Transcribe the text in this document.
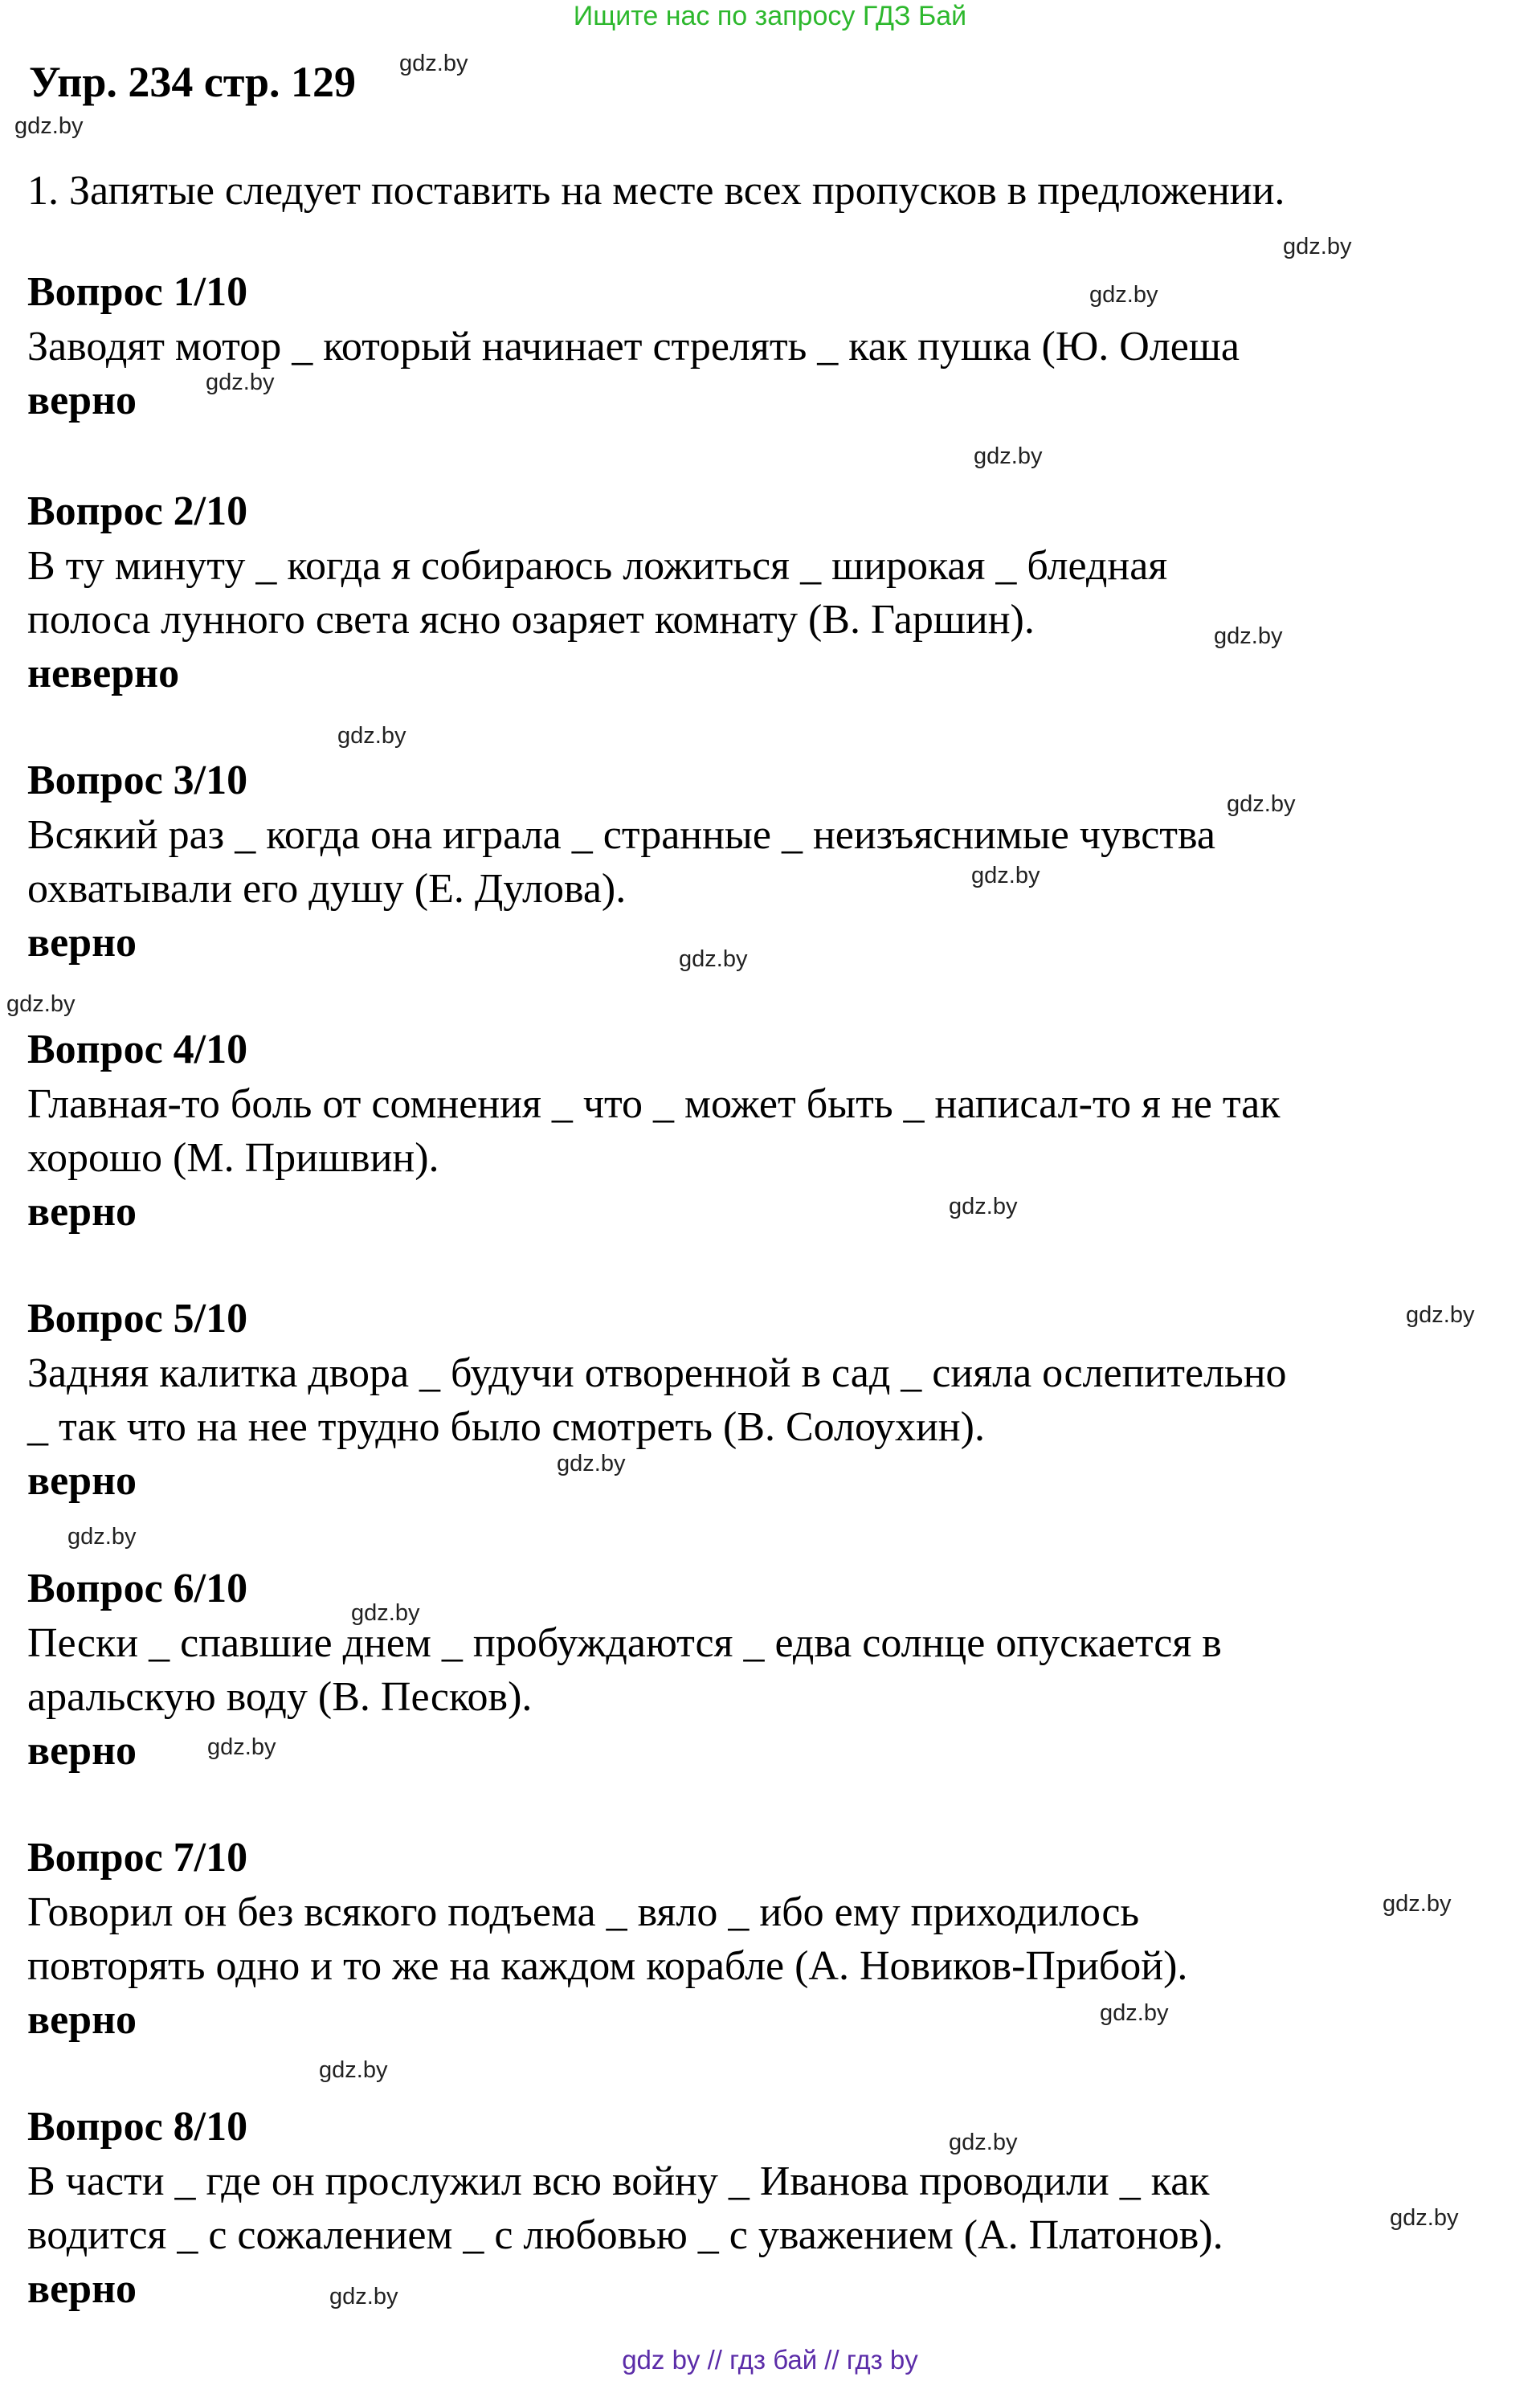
Ищите нас по запросу ГДЗ Бай
Упр. 234 стр. 129
1. Запятые следует поставить на месте всех пропусков в предложении.

Вопрос 1/10

Заводят мотор _ который начинает стрелять _ как пушка (Ю. Олеша

верно

Вопрос 2/10

В ту минуту _ когда я собираюсь ложиться _ широкая _ бледная
полоса лунного света ясно озаряет комнату (В. Гаршин).

неверно

Вопрос 3/10

Всякий раз _ когда она играла _ странные _ неизъяснимые чувства
охватывали его душу (Е. Дулова).

верно

Вопрос 4/10

Главная-то боль от сомнения _ что _ может быть _ написал-то я не так
хорошо (М. Пришвин).

верно

Вопрос 5/10

Задняя калитка двора _ будучи отворенной в сад _ сияла ослепительно
_ так что на нее трудно было смотреть (В. Солоухин).

верно

Вопрос 6/10

Пески _ спавшие днем _ пробуждаются _ едва солнце опускается в
аральскую воду (В. Песков).

верно

Вопрос 7/10

Говорил он без всякого подъема _ вяло _ ибо ему приходилось
повторять одно и то же на каждом корабле (А. Новиков-Прибой).

верно

Вопрос 8/10

В части _ где он прослужил всю войну _ Иванова проводили _ как
водится _ с сожалением _ с любовью _ с уважением (А. Платонов).

верно

gdz.by
gdz.by
gdz.by
gdz.by
gdz.by
gdz.by
gdz.by
gdz.by
gdz.by
gdz.by
gdz.by
gdz.by
gdz.by
gdz.by
gdz.by
gdz.by
gdz.by
gdz.by
gdz.by
gdz.by
gdz.by
gdz.by
gdz.by
gdz.by
gdz by // гдз бай // гдз by
